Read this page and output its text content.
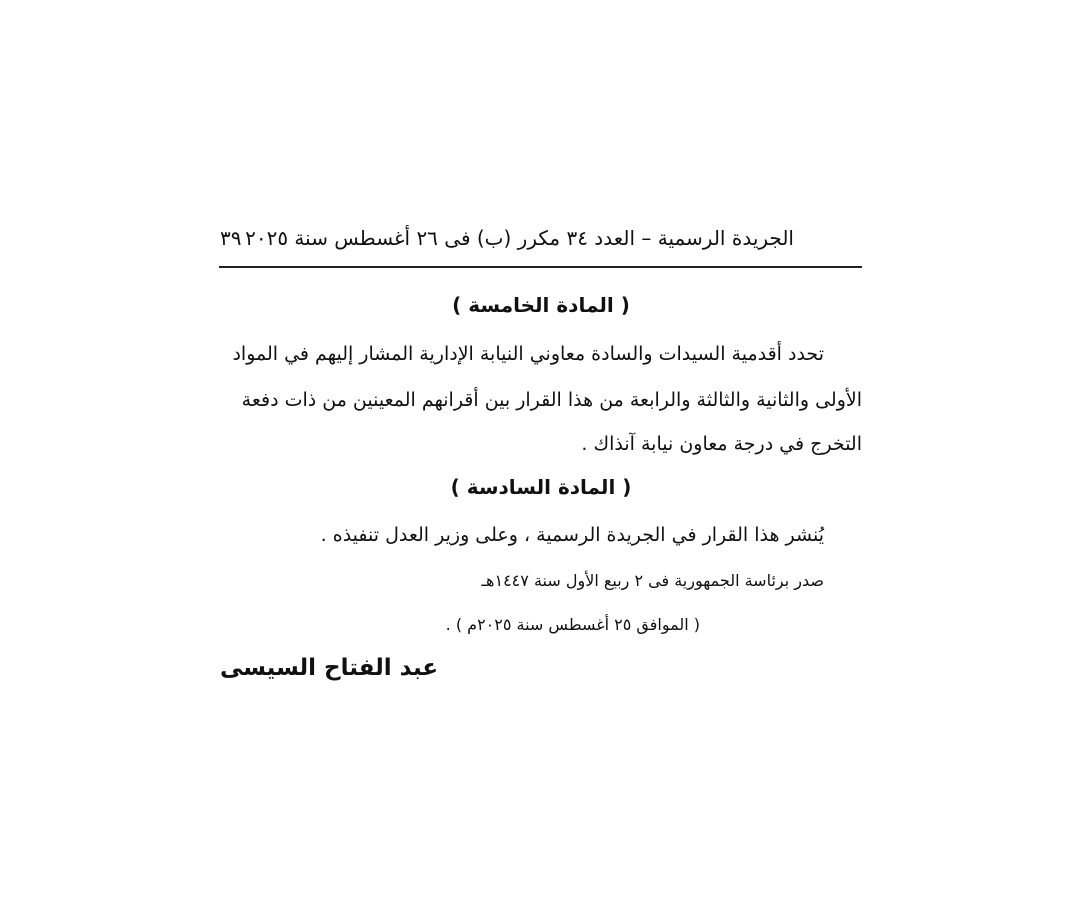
الجريدة الرسمية – العدد ٣٤ مكرر (ب) فى ٢٦ أغسطس سنة ٢٠٢٥
٣٩
( المادة الخامسة )
تحدد أقدمية السيدات والسادة معاوني النيابة الإدارية المشار إليهم في المواد
الأولى والثانية والثالثة والرابعة من هذا القرار بين أقرانهم المعينين من ذات دفعة
التخرج في درجة معاون نيابة آنذاك .
( المادة السادسة )
يُنشر هذا القرار في الجريدة الرسمية ، وعلى وزير العدل تنفيذه .
صدر برئاسة الجمهورية فى ٢ ربيع الأول سنة ١٤٤٧هـ
( الموافق ٢٥ أغسطس سنة ٢٠٢٥م ) .
عبد الفتاح السيسى
